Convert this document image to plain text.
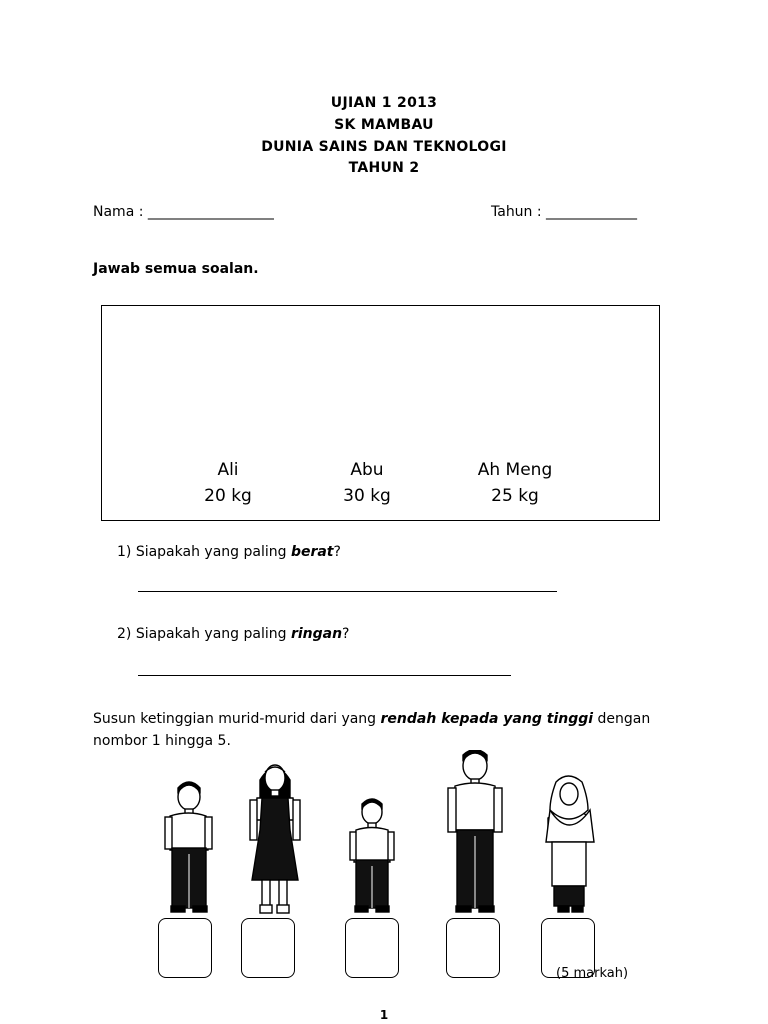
UJIAN 1 2013
SK MAMBAU
DUNIA SAINS DAN TEKNOLOGI
TAHUN 2
Nama : __________________	Tahun : _____________
Jawab semua soalan.
Ali
20 kg
Abu
30 kg
Ah Meng
25 kg
1) Siapakah yang paling berat?
2) Siapakah yang paling ringan?
Susun ketinggian murid-murid dari yang rendah kepada yang tinggi dengan
nombor 1 hingga 5.
(5 markah)
1
